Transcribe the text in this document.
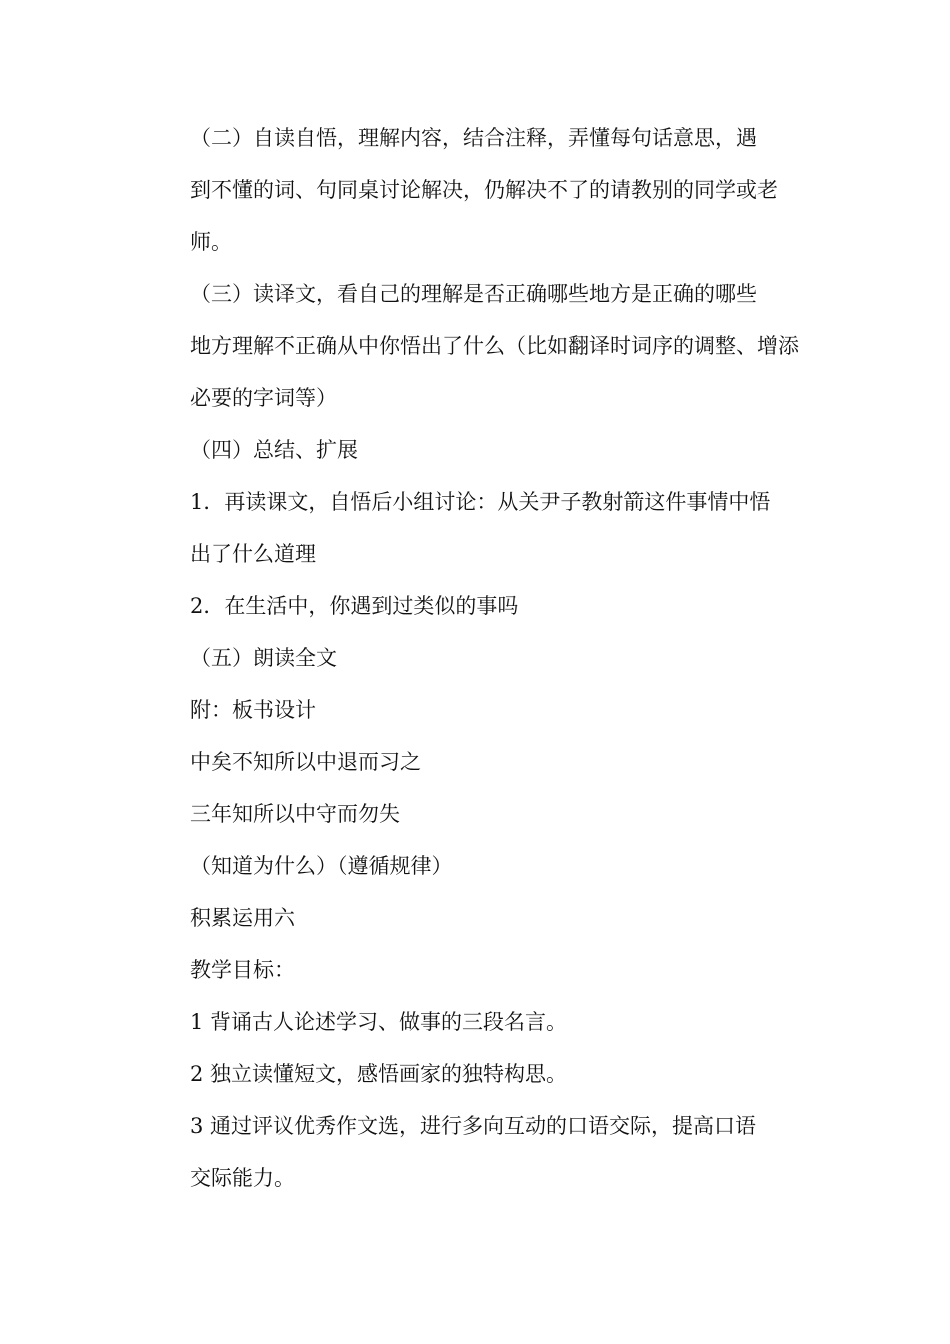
（二）自读自悟，理解内容，结合注释，弄懂每句话意思，遇
到不懂的词、句同桌讨论解决，仍解决不了的请教别的同学或老
师。

（三）读译文，看自己的理解是否正确哪些地方是正确的哪些
地方理解不正确从中你悟出了什么（比如翻译时词序的调整、增添
必要的字词等）

（四）总结、扩展

1．再读课文，自悟后小组讨论：从关尹子教射箭这件事情中悟
出了什么道理

2．在生活中，你遇到过类似的事吗

（五）朗读全文

附：板书设计

中矣不知所以中退而习之

三年知所以中守而勿失

（知道为什么）（遵循规律）

积累运用六

教学目标：

1 背诵古人论述学习、做事的三段名言。

2 独立读懂短文，感悟画家的独特构思。

3 通过评议优秀作文选，进行多向互动的口语交际，提高口语
交际能力。
